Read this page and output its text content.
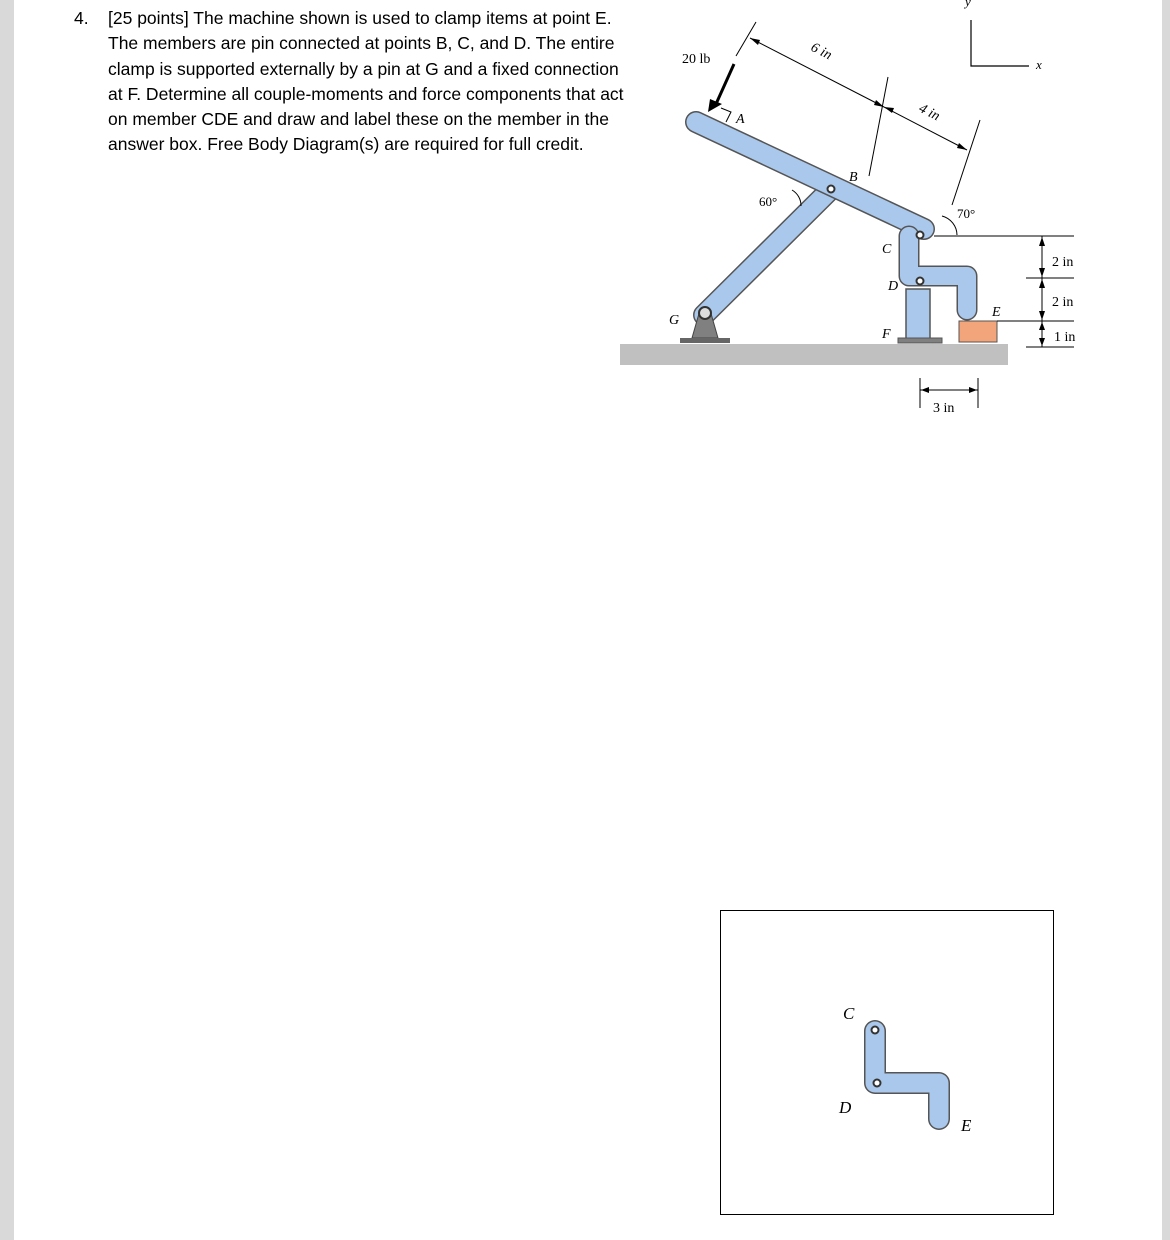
4. [25 points] The machine shown is used to clamp items at point E. The members are pin connected at points B, C, and D. The entire clamp is supported externally by a pin at G and a fixed connection at F. Determine all couple-moments and force components that act on member CDE and draw and label these on the member in the answer box. Free Body Diagram(s) are required for full credit.
20 lb	6 in
4 in
60°
70°
y
x
2 in
2 in
1 in
3 in
A
B
C
D
E
F
G
C
D
E
